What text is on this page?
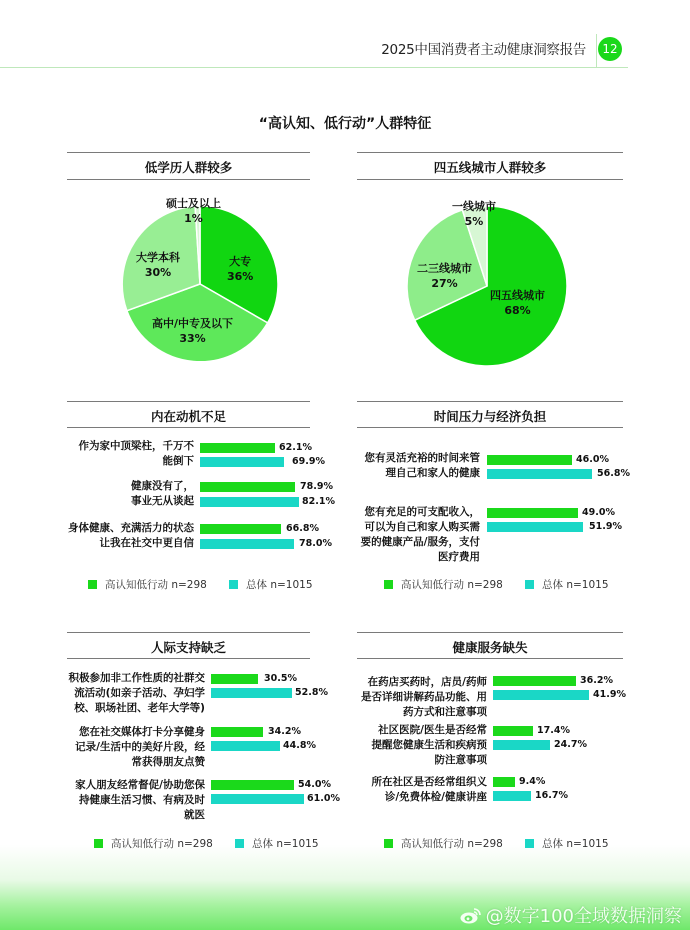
2025中国消费者主动健康洞察报告	12
“高认知、低行动”人群特征
低学历人群较多
硕士及以上
1%
大专
36%
大学本科
30%
高中/中专及以下
33%
四五线城市人群较多
一线城市
5%
二三线城市
27%
四五线城市
68%
内在动机不足
作为家中顶梁柱，千万不
能倒下
62.1%
69.9%
健康没有了，
事业无从谈起
78.9%
82.1%
身体健康、充满活力的状态
让我在社交中更自信
66.8%
78.0%
高认知低行动 n=298	总体 n=1015
时间压力与经济负担
您有灵活充裕的时间来管
理自己和家人的健康
46.0%
56.8%
您有充足的可支配收入，
可以为自己和家人购买需
要的健康产品/服务，支付
医疗费用
49.0%
51.9%
高认知低行动 n=298	总体 n=1015
人际支持缺乏
积极参加非工作性质的社群交
流活动(如亲子活动、孕妇学
校、职场社团、老年大学等)
30.5%
52.8%
您在社交媒体打卡分享健身
记录/生活中的美好片段，经
常获得朋友点赞
34.2%
44.8%
家人朋友经常督促/协助您保
持健康生活习惯、有病及时
就医
54.0%
61.0%
高认知低行动 n=298	总体 n=1015
健康服务缺失
在药店买药时，店员/药师
是否详细讲解药品功能、用
药方式和注意事项
36.2%
41.9%
社区医院/医生是否经常
提醒您健康生活和疾病预
防注意事项
17.4%
24.7%
所在社区是否经常组织义
诊/免费体检/健康讲座
9.4%
16.7%
高认知低行动 n=298	总体 n=1015
@数字100全域数据洞察
